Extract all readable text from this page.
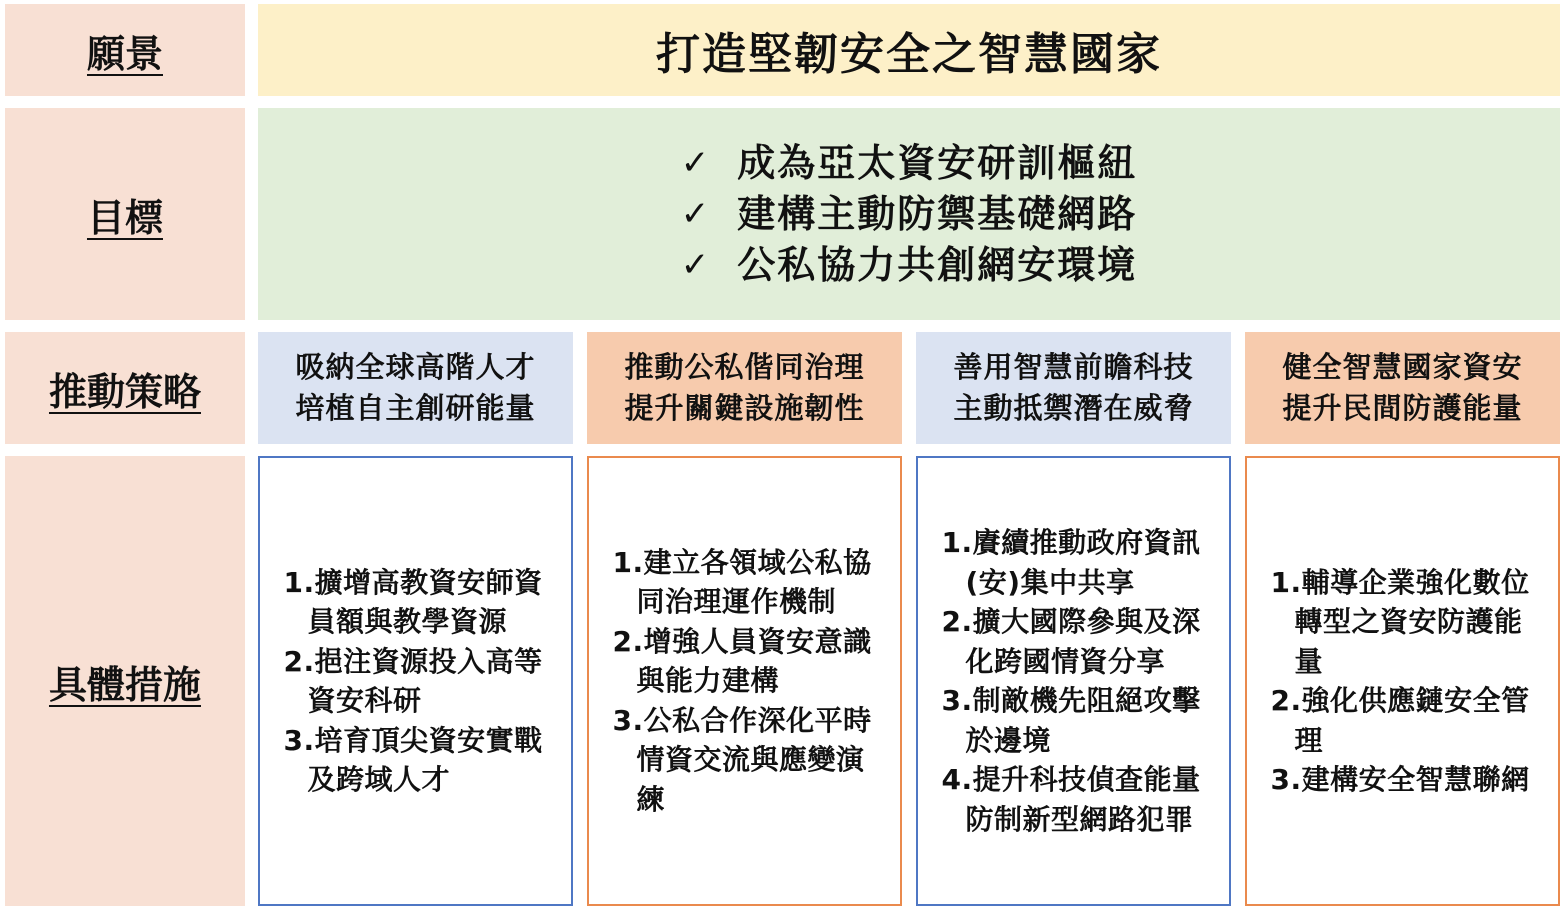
願景
目標
推動策略
具體措施
打造堅韌安全之智慧國家
✓ 成為亞太資安研訓樞紐
✓ 建構主動防禦基礎網路
✓ 公私協力共創網安環境
吸納全球高階人才
培植自主創研能量
推動公私偕同治理
提升關鍵設施韌性
善用智慧前瞻科技
主動抵禦潛在威脅
健全智慧國家資安
提升民間防護能量
1.擴增高教資安師資員額與教學資源
2.挹注資源投入高等資安科研
3.培育頂尖資安實戰及跨域人才
1.建立各領域公私協同治理運作機制
2.增強人員資安意識與能力建構
3.公私合作深化平時情資交流與應變演練
1.賡續推動政府資訊(安)集中共享
2.擴大國際參與及深化跨國情資分享
3.制敵機先阻絕攻擊於邊境
4.提升科技偵查能量防制新型網路犯罪
1.輔導企業強化數位轉型之資安防護能量
2.強化供應鏈安全管理
3.建構安全智慧聯網
